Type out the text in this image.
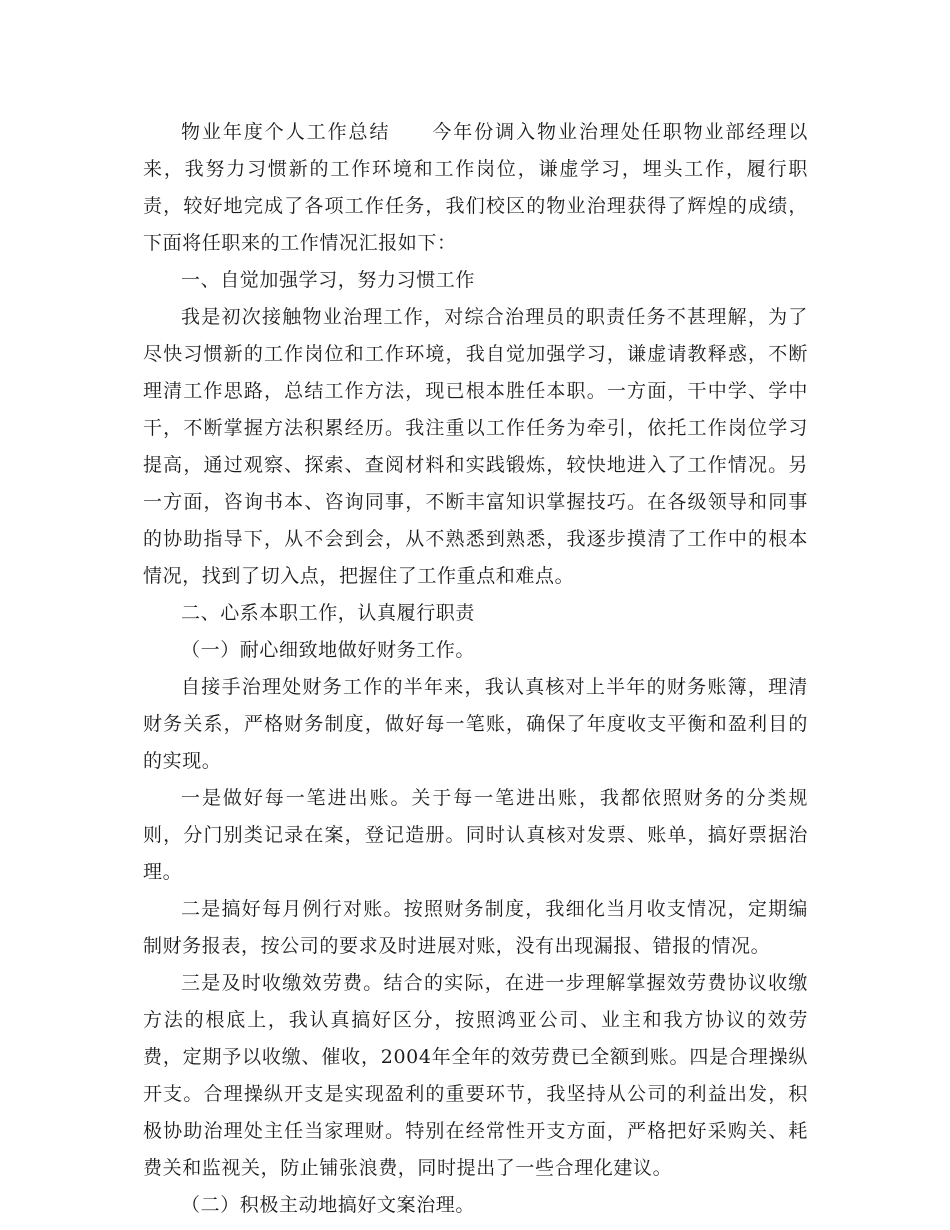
物业年度个人工作总结　　今年份调入物业治理处任职物业部经理以来，我努力习惯新的工作环境和工作岗位，谦虚学习，埋头工作，履行职责，较好地完成了各项工作任务，我们校区的物业治理获得了辉煌的成绩，下面将任职来的工作情况汇报如下：

一、自觉加强学习，努力习惯工作

我是初次接触物业治理工作，对综合治理员的职责任务不甚理解，为了尽快习惯新的工作岗位和工作环境，我自觉加强学习，谦虚请教释惑，不断理清工作思路，总结工作方法，现已根本胜任本职。一方面，干中学、学中干，不断掌握方法积累经历。我注重以工作任务为牵引，依托工作岗位学习提高，通过观察、探索、查阅材料和实践锻炼，较快地进入了工作情况。另一方面，咨询书本、咨询同事，不断丰富知识掌握技巧。在各级领导和同事的协助指导下，从不会到会，从不熟悉到熟悉，我逐步摸清了工作中的根本情况，找到了切入点，把握住了工作重点和难点。

二、心系本职工作，认真履行职责

（一）耐心细致地做好财务工作。

自接手治理处财务工作的半年来，我认真核对上半年的财务账簿，理清财务关系，严格财务制度，做好每一笔账，确保了年度收支平衡和盈利目的的实现。

一是做好每一笔进出账。关于每一笔进出账，我都依照财务的分类规则，分门别类记录在案，登记造册。同时认真核对发票、账单，搞好票据治理。

二是搞好每月例行对账。按照财务制度，我细化当月收支情况，定期编制财务报表，按公司的要求及时进展对账，没有出现漏报、错报的情况。

三是及时收缴效劳费。结合的实际，在进一步理解掌握效劳费协议收缴方法的根底上，我认真搞好区分，按照鸿亚公司、业主和我方协议的效劳费，定期予以收缴、催收，2004年全年的效劳费已全额到账。四是合理操纵开支。合理操纵开支是实现盈利的重要环节，我坚持从公司的利益出发，积极协助治理处主任当家理财。特别在经常性开支方面，严格把好采购关、耗费关和监视关，防止铺张浪费，同时提出了一些合理化建议。

（二）积极主动地搞好文案治理。
